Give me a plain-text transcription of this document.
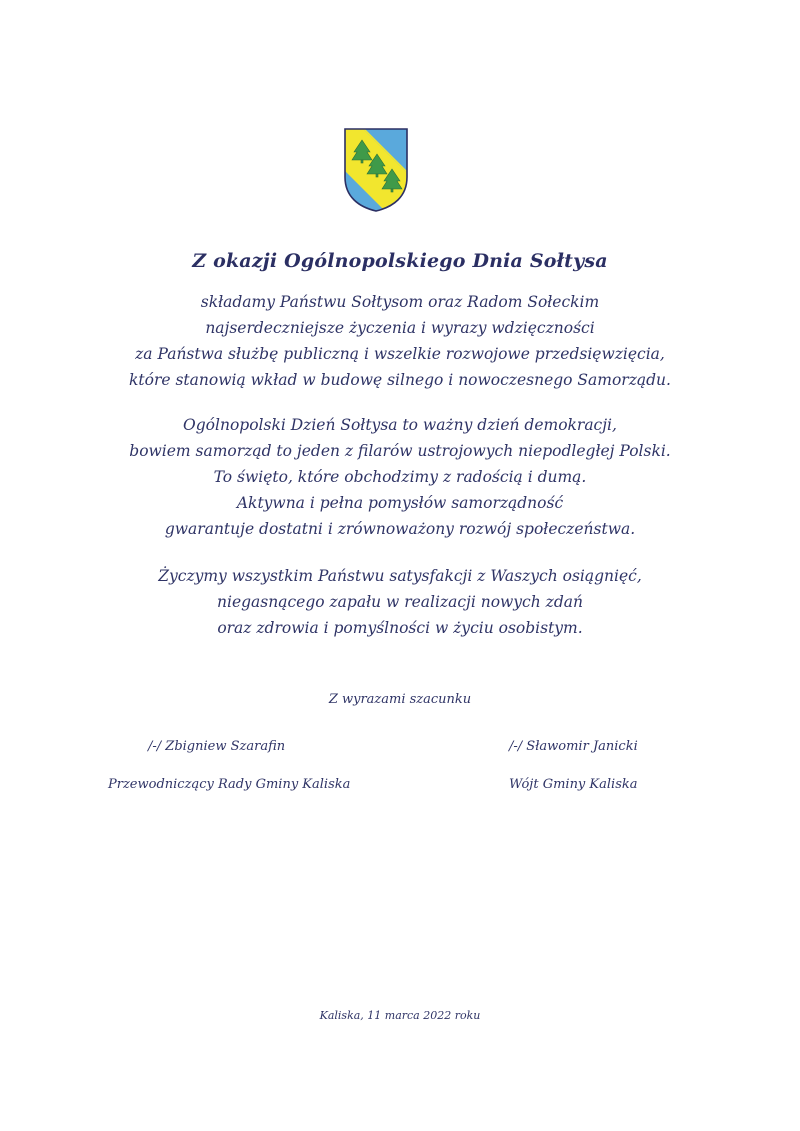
Z okazji Ogólnopolskiego Dnia Sołtysa
składamy Państwu Sołtysom oraz Radom Sołeckim
najserdeczniejsze życzenia i wyrazy wdzięczności
za Państwa służbę publiczną i wszelkie rozwojowe przedsięwzięcia,
które stanowią wkład w budowę silnego i nowoczesnego Samorządu.
Ogólnopolski Dzień Sołtysa to ważny dzień demokracji,
bowiem samorząd to jeden z filarów ustrojowych niepodległej Polski.
To święto, które obchodzimy z radością i dumą.
Aktywna i pełna pomysłów samorządność
gwarantuje dostatni i zrównoważony rozwój społeczeństwa.
Życzymy wszystkim Państwu satysfakcji z Waszych osiągnięć,
niegasnącego zapału w realizacji nowych zdań
oraz zdrowia i pomyślności w życiu osobistym.
Z wyrazami szacunku
/-/ Zbigniew Szarafin
Przewodniczący Rady Gminy Kaliska
/-/ Sławomir Janicki
Wójt Gminy Kaliska
Kaliska, 11 marca 2022 roku
